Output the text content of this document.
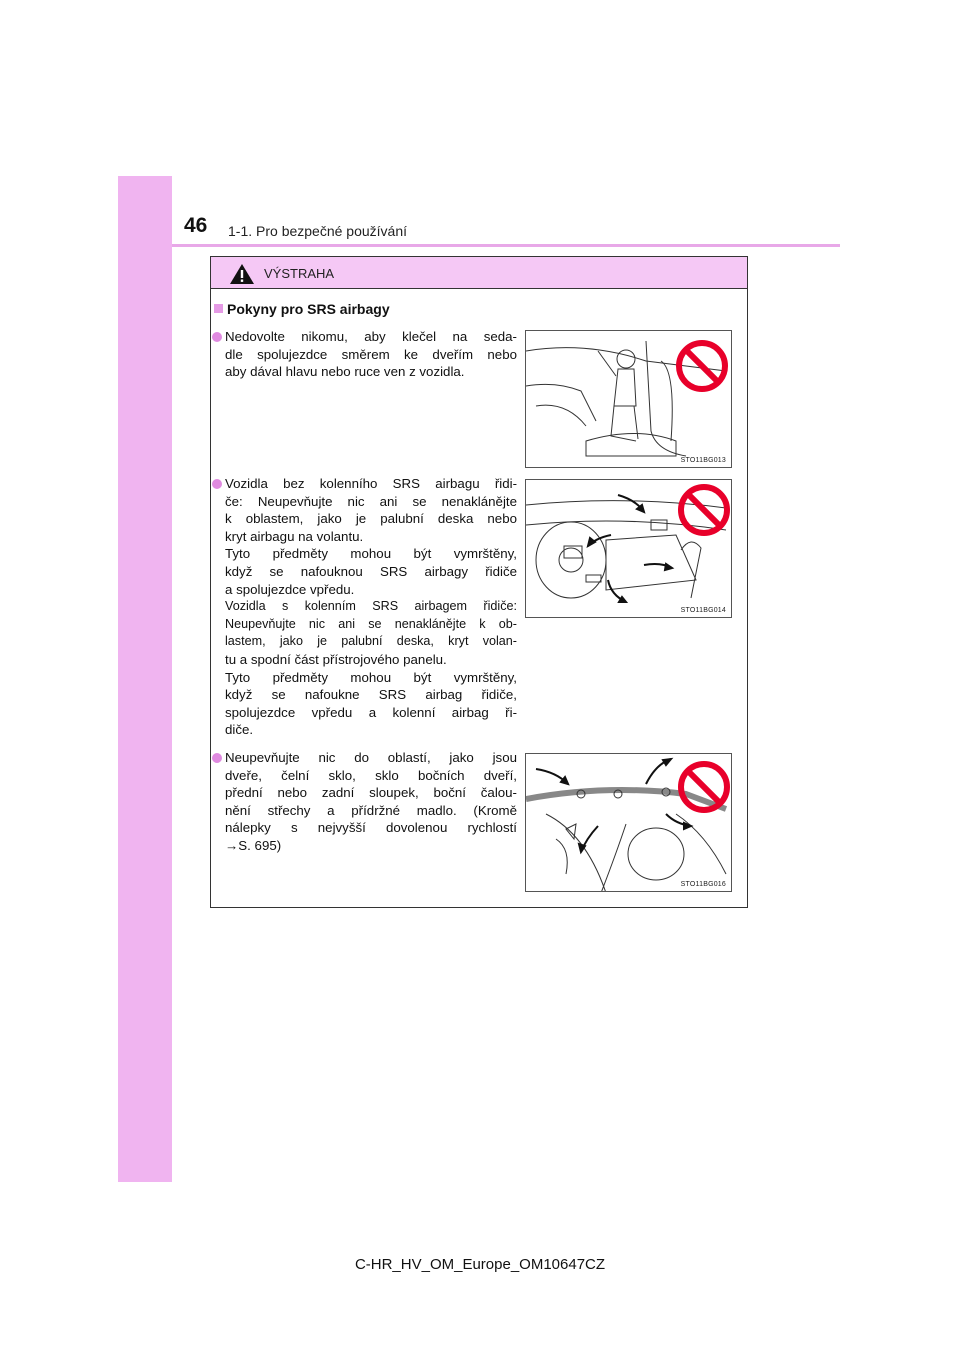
46 1-1. Pro bezpečné používání
VÝSTRAHA
Pokyny pro SRS airbagy
Nedovolte nikomu, aby klečel na seda-
dle spolujezdce směrem ke dveřím nebo
aby dával hlavu nebo ruce ven z vozidla.
STO11BG013
Vozidla bez kolenního SRS airbagu řidi-
če: Neupevňujte nic ani se nenaklánějte
k oblastem, jako je palubní deska nebo
kryt airbagu na volantu.
Tyto předměty mohou být vymrštěny,
když se nafouknou SRS airbagy řidiče
a spolujezdce vpředu.
Vozidla s kolenním SRS airbagem řidiče:
Neupevňujte nic ani se nenaklánějte k ob-
lastem, jako je palubní deska, kryt volan-
tu a spodní část přístrojového panelu.
Tyto předměty mohou být vymrštěny,
když se nafoukne SRS airbag řidiče,
spolujezdce vpředu a kolenní airbag ři-
diče.
STO11BG014
Neupevňujte nic do oblastí, jako jsou
dveře, čelní sklo, sklo bočních dveří,
přední nebo zadní sloupek, boční čalou-
nění střechy a přídržné madlo. (Kromě
nálepky s nejvyšší dovolenou rychlostí
→S. 695)
STO11BG016
C-HR_HV_OM_Europe_OM10647CZ
